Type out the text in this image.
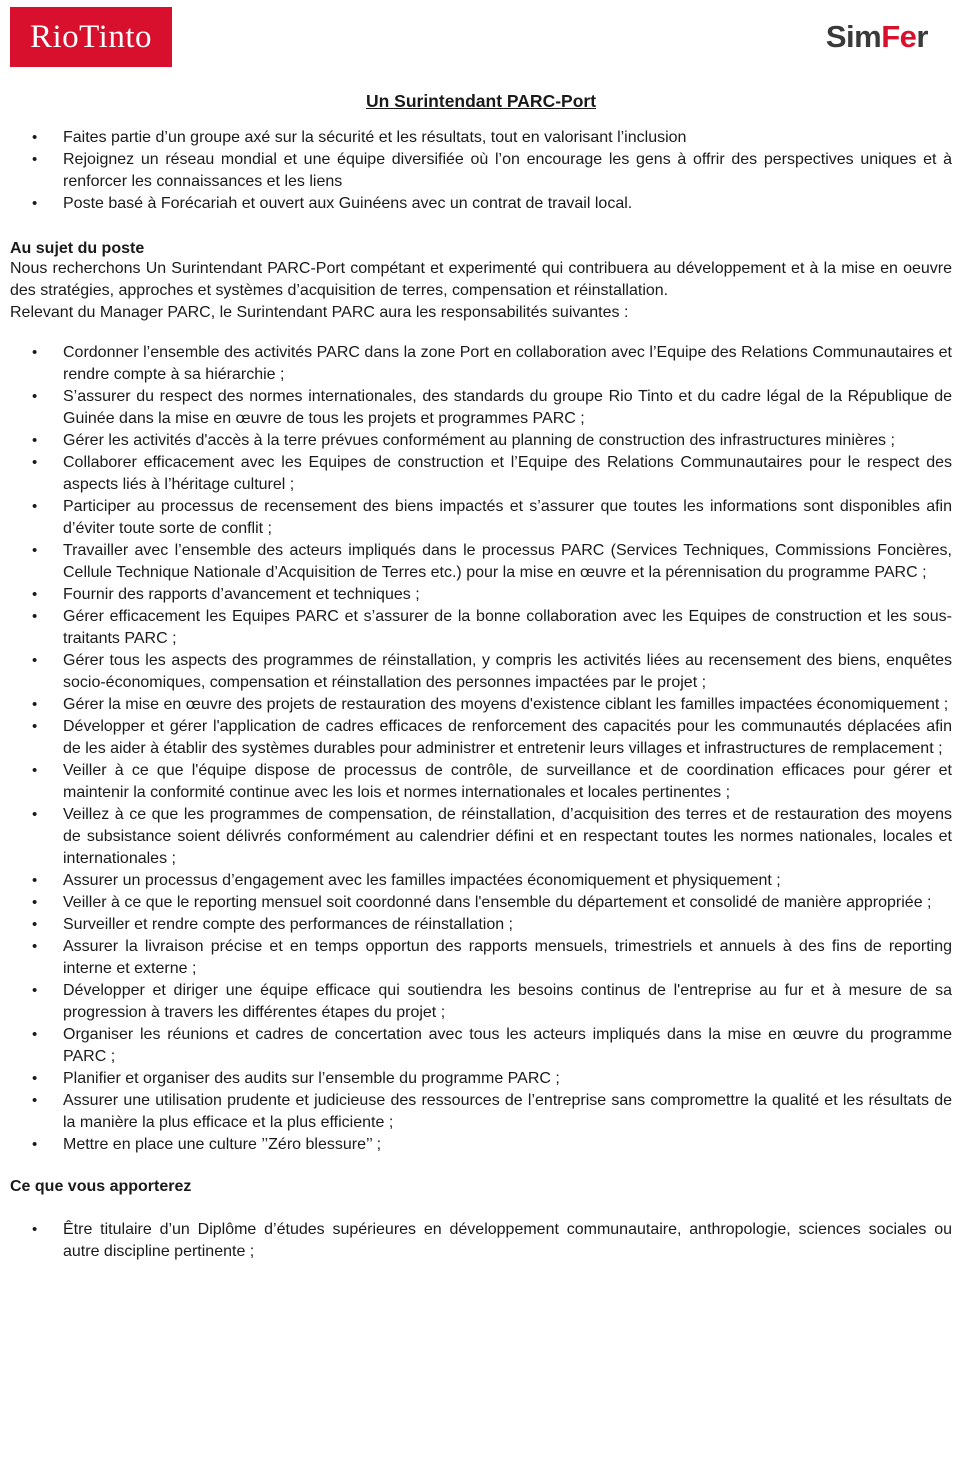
RioTinto	SimFer
Un Surintendant PARC-Port
• Faites partie d’un groupe axé sur la sécurité et les résultats, tout en valorisant l’inclusion
• Rejoignez un réseau mondial et une équipe diversifiée où l’on encourage les gens à offrir des perspectives uniques et à renforcer les connaissances et les liens
• Poste basé à Forécariah et ouvert aux Guinéens avec un contrat de travail local.

Au sujet du poste

Nous recherchons Un Surintendant PARC-Port compétant et experimenté qui contribuera au développement et à la mise en oeuvre des stratégies, approches et systèmes d’acquisition de terres, compensation et réinstallation.

Relevant du Manager PARC, le Surintendant PARC aura les responsabilités suivantes :

• Cordonner l’ensemble des activités PARC dans la zone Port en collaboration avec l’Equipe des Relations Communautaires et rendre compte à sa hiérarchie ;
• S’assurer du respect des normes internationales, des standards du groupe Rio Tinto et du cadre légal de la République de Guinée dans la mise en œuvre de tous les projets et programmes PARC ;
• Gérer les activités d'accès à la terre prévues conformément au planning de construction des infrastructures minières ;
• Collaborer efficacement avec les Equipes de construction et l’Equipe des Relations Communautaires pour le respect des aspects liés à l’héritage culturel ;
• Participer au processus de recensement des biens impactés et s’assurer que toutes les informations sont disponibles afin d’éviter toute sorte de conflit ;
• Travailler avec l’ensemble des acteurs impliqués dans le processus PARC (Services Techniques, Commissions Foncières, Cellule Technique Nationale d’Acquisition de Terres etc.) pour la mise en œuvre et la pérennisation du programme PARC ;
• Fournir des rapports d’avancement et techniques ;
• Gérer efficacement les Equipes PARC et s’assurer de la bonne collaboration avec les Equipes de construction et les sous-traitants PARC ;
• Gérer tous les aspects des programmes de réinstallation, y compris les activités liées au recensement des biens, enquêtes socio-économiques, compensation et réinstallation des personnes impactées par le projet ;
• Gérer la mise en œuvre des projets de restauration des moyens d'existence ciblant les familles impactées économiquement ;
• Développer et gérer l'application de cadres efficaces de renforcement des capacités pour les communautés déplacées afin de les aider à établir des systèmes durables pour administrer et entretenir leurs villages et infrastructures de remplacement ;
• Veiller à ce que l'équipe dispose de processus de contrôle, de surveillance et de coordination efficaces pour gérer et maintenir la conformité continue avec les lois et normes internationales et locales pertinentes ;
• Veillez à ce que les programmes de compensation, de réinstallation, d’acquisition des terres et de restauration des moyens de subsistance soient délivrés conformément au calendrier défini et en respectant toutes les normes nationales, locales et internationales ;
• Assurer un processus d’engagement avec les familles impactées économiquement et physiquement ;
• Veiller à ce que le reporting mensuel soit coordonné dans l'ensemble du département et consolidé de manière appropriée ;
• Surveiller et rendre compte des performances de réinstallation ;
• Assurer la livraison précise et en temps opportun des rapports mensuels, trimestriels et annuels à des fins de reporting interne et externe ;
• Développer et diriger une équipe efficace qui soutiendra les besoins continus de l'entreprise au fur et à mesure de sa progression à travers les différentes étapes du projet ;
• Organiser les réunions et cadres de concertation avec tous les acteurs impliqués dans la mise en œuvre du programme PARC ;
• Planifier et organiser des audits sur l’ensemble du programme PARC ;
• Assurer une utilisation prudente et judicieuse des ressources de l’entreprise sans compromettre la qualité et les résultats de la manière la plus efficace et la plus efficiente ;
• Mettre en place une culture ’’Zéro blessure’’ ;

Ce que vous apporterez

• Être titulaire d’un Diplôme d’études supérieures en développement communautaire, anthropologie, sciences sociales ou autre discipline pertinente ;
